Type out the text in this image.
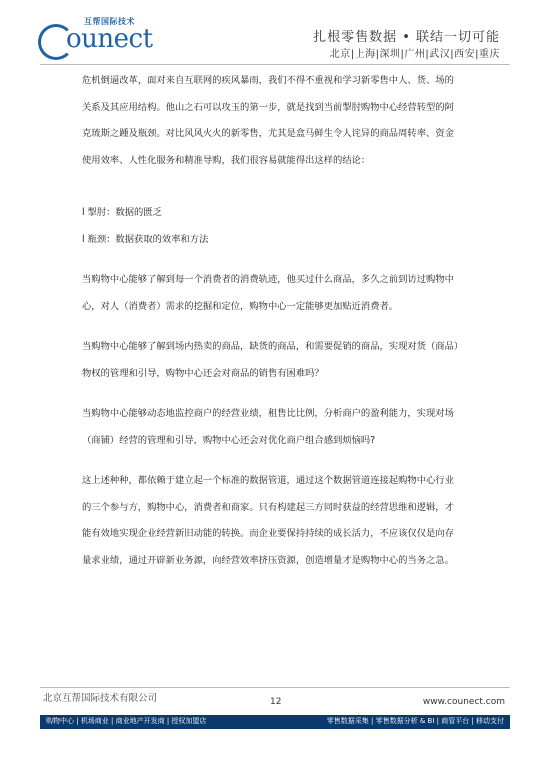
互帮国际技术
ounect	扎根零售数据 • 联结一切可能
北京|上海|深圳|广州|武汉|西安|重庆

危机倒逼改革，面对来自互联网的疾风暴雨，我们不得不重视和学习新零售中人、货、场的
关系及其应用结构。他山之石可以攻玉的第一步，就是找到当前掣肘购物中心经营转型的阿
克琉斯之踵及瓶颈。对比风风火火的新零售，尤其是盒马鲜生令人诧异的商品周转率、资金
使用效率、人性化服务和精准导购，我们很容易就能得出这样的结论：

l 掣肘：数据的匮乏

l 瓶颈：数据获取的效率和方法

当购物中心能够了解到每一个消费者的消费轨迹，他买过什么商品，多久之前到访过购物中
心，对人（消费者）需求的挖掘和定位，购物中心一定能够更加贴近消费者。

当购物中心能够了解到场内热卖的商品，缺货的商品，和需要促销的商品，实现对货（商品）
物权的管理和引导，购物中心还会对商品的销售有困难吗？

当购物中心能够动态地监控商户的经营业绩，租售比比例，分析商户的盈利能力，实现对场
（商铺）经营的管理和引导，购物中心还会对优化商户组合感到烦恼吗?

这上述种种，都依赖于建立起一个标准的数据管道，通过这个数据管道连接起购物中心行业
的三个参与方，购物中心，消费者和商家。只有构建起三方同时获益的经营思维和逻辑，才
能有效地实现企业经营新旧动能的转换。而企业要保持持续的成长活力，不应该仅仅是向存
量求业绩，通过开辟新业务源，向经营效率挤压资源，创造增量才是购物中心的当务之急。

北京互帮国际技术有限公司	12	www.counect.com
购物中心 | 机场商业 | 商业地产开发商 | 授权加盟店	零售数据采集 | 零售数据分析 & BI | 商管平台 | 移动支付
